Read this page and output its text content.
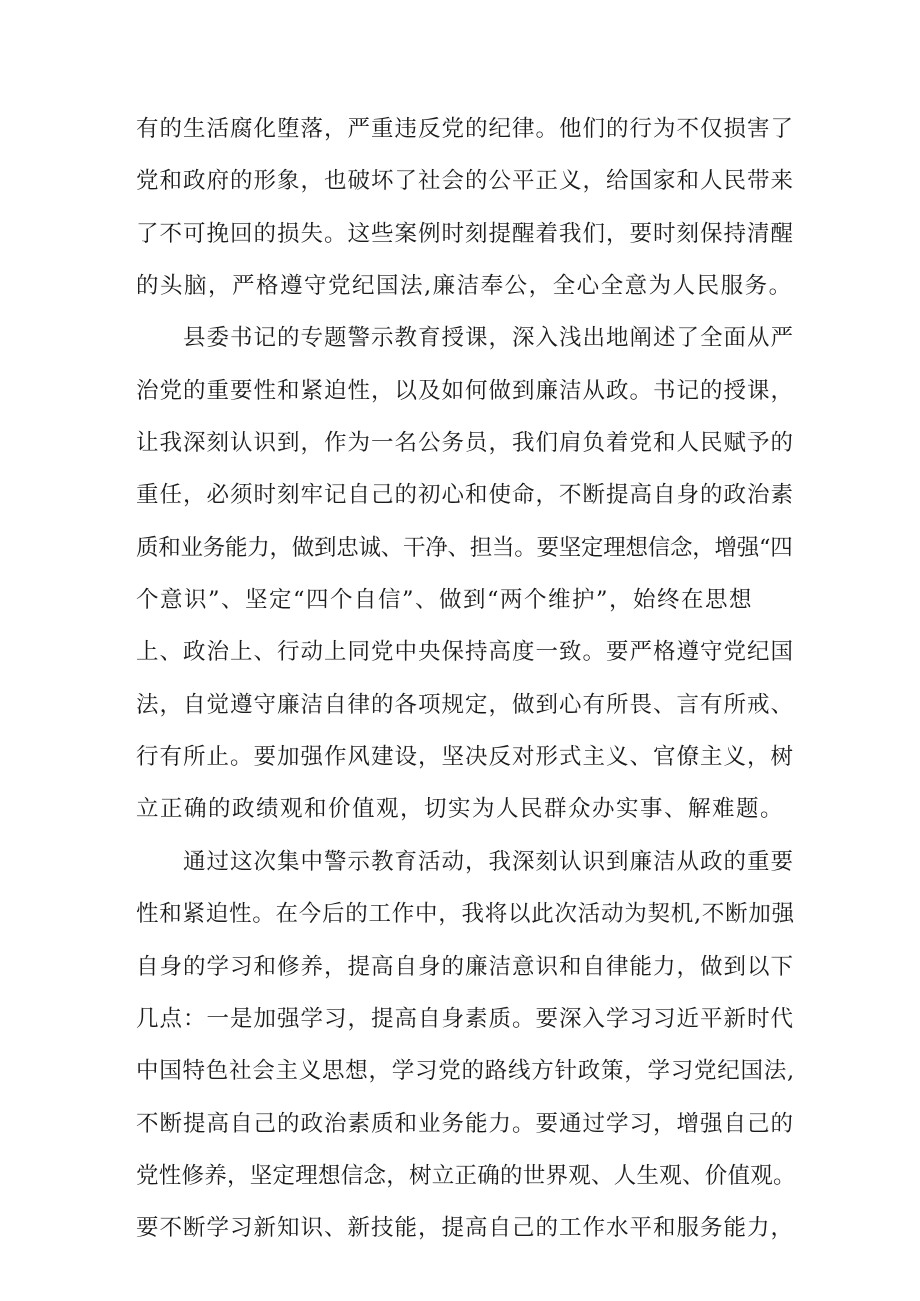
有的生活腐化堕落，严重违反党的纪律。他们的行为不仅损害了
党和政府的形象，也破坏了社会的公平正义，给国家和人民带来
了不可挽回的损失。这些案例时刻提醒着我们，要时刻保持清醒
的头脑，严格遵守党纪国法,廉洁奉公，全心全意为人民服务。
县委书记的专题警示教育授课，深入浅出地阐述了全面从严
治党的重要性和紧迫性，以及如何做到廉洁从政。书记的授课，
让我深刻认识到，作为一名公务员，我们肩负着党和人民赋予的
重任，必须时刻牢记自己的初心和使命，不断提高自身的政治素
质和业务能力，做到忠诚、干净、担当。要坚定理想信念，增强“四
个意识”、坚定“四个自信”、做到“两个维护”，始终在思想
上、政治上、行动上同党中央保持高度一致。要严格遵守党纪国
法，自觉遵守廉洁自律的各项规定，做到心有所畏、言有所戒、
行有所止。要加强作风建设，坚决反对形式主义、官僚主义，树
立正确的政绩观和价值观，切实为人民群众办实事、解难题。
通过这次集中警示教育活动，我深刻认识到廉洁从政的重要
性和紧迫性。在今后的工作中，我将以此次活动为契机,不断加强
自身的学习和修养，提高自身的廉洁意识和自律能力，做到以下
几点：一是加强学习，提高自身素质。要深入学习习近平新时代
中国特色社会主义思想，学习党的路线方针政策，学习党纪国法,
不断提高自己的政治素质和业务能力。要通过学习，增强自己的
党性修养，坚定理想信念，树立正确的世界观、人生观、价值观。
要不断学习新知识、新技能，提高自己的工作水平和服务能力，
